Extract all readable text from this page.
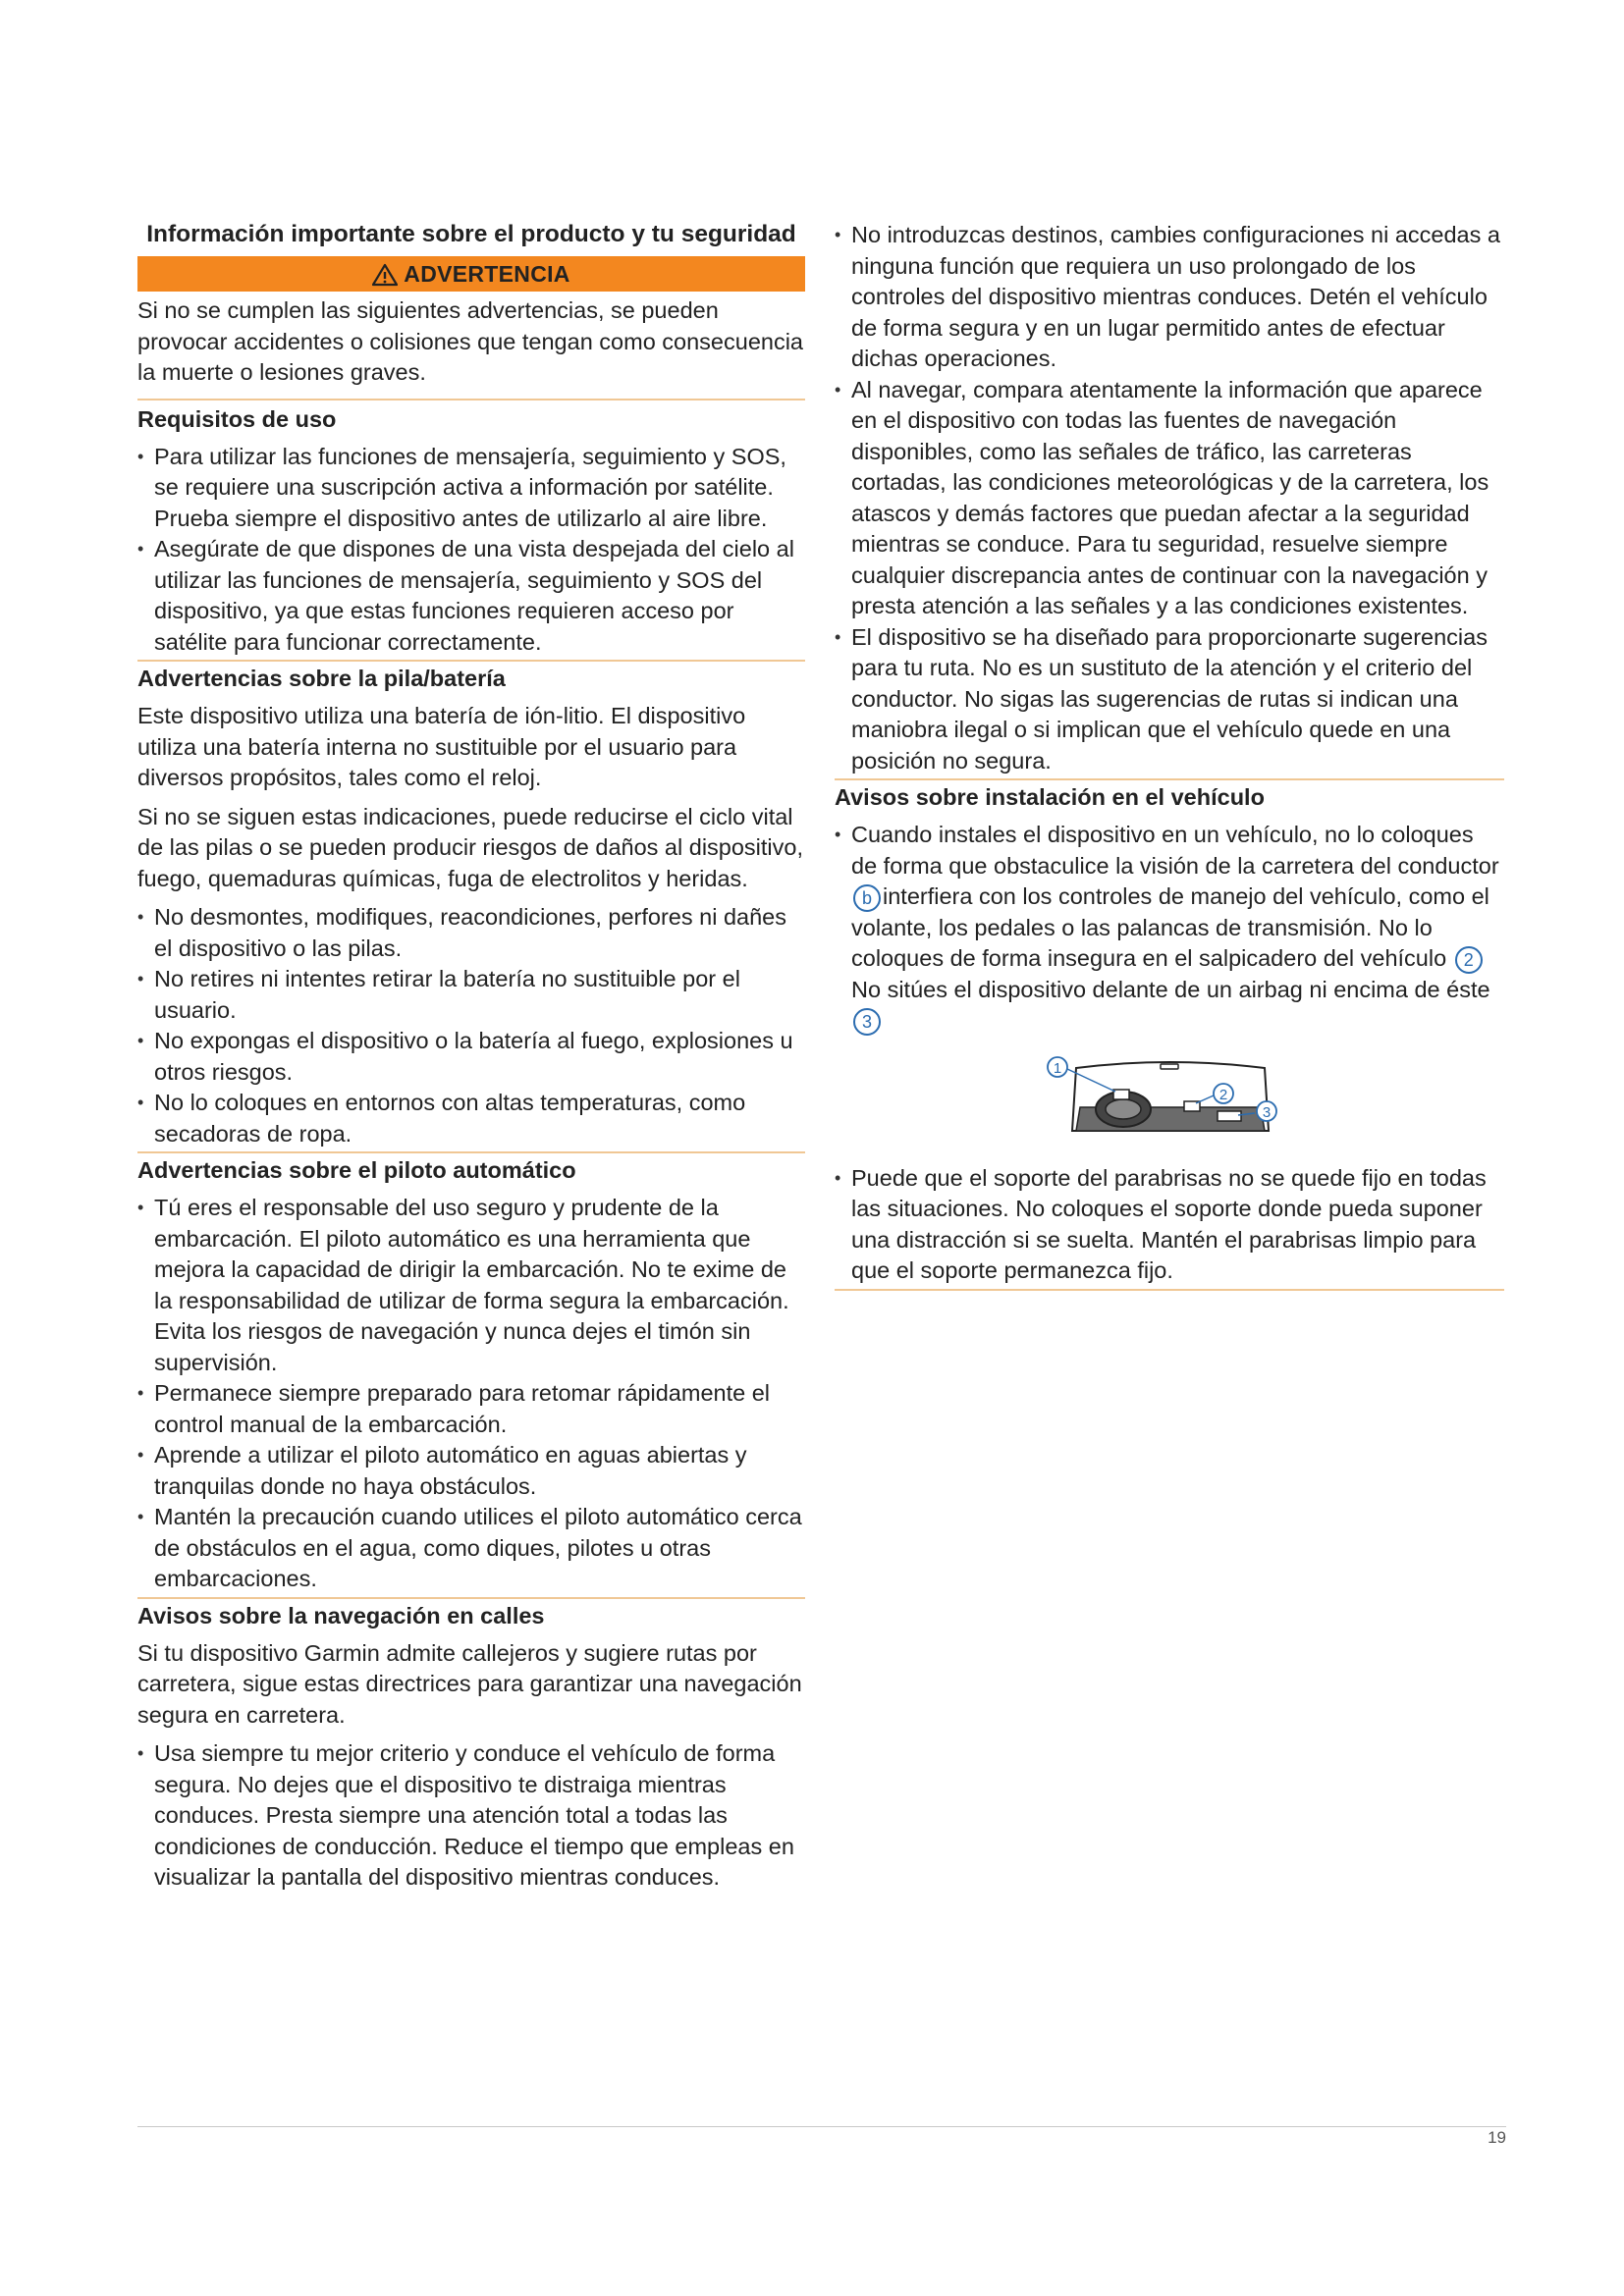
Información importante sobre el producto y tu seguridad
ADVERTENCIA

Si no se cumplen las siguientes advertencias, se pueden provocar accidentes o colisiones que tengan como consecuencia la muerte o lesiones graves.

Requisitos de uso
• Para utilizar las funciones de mensajería, seguimiento y SOS, se requiere una suscripción activa a información por satélite. Prueba siempre el dispositivo antes de utilizarlo al aire libre.
• Asegúrate de que dispones de una vista despejada del cielo al utilizar las funciones de mensajería, seguimiento y SOS del dispositivo, ya que estas funciones requieren acceso por satélite para funcionar correctamente.
Advertencias sobre la pila/batería

Este dispositivo utiliza una batería de ión-litio. El dispositivo utiliza una batería interna no sustituible por el usuario para diversos propósitos, tales como el reloj.

Si no se siguen estas indicaciones, puede reducirse el ciclo vital de las pilas o se pueden producir riesgos de daños al dispositivo, fuego, quemaduras químicas, fuga de electrolitos y heridas.

• No desmontes, modifiques, reacondiciones, perfores ni dañes el dispositivo o las pilas.
• No retires ni intentes retirar la batería no sustituible por el usuario.
• No expongas el dispositivo o la batería al fuego, explosiones u otros riesgos.
• No lo coloques en entornos con altas temperaturas, como secadoras de ropa.
Advertencias sobre el piloto automático
• Tú eres el responsable del uso seguro y prudente de la embarcación. El piloto automático es una herramienta que mejora la capacidad de dirigir la embarcación. No te exime de la responsabilidad de utilizar de forma segura la embarcación. Evita los riesgos de navegación y nunca dejes el timón sin supervisión.
• Permanece siempre preparado para retomar rápidamente el control manual de la embarcación.
• Aprende a utilizar el piloto automático en aguas abiertas y tranquilas donde no haya obstáculos.
• Mantén la precaución cuando utilices el piloto automático cerca de obstáculos en el agua, como diques, pilotes u otras embarcaciones.
Avisos sobre la navegación en calles

Si tu dispositivo Garmin admite callejeros y sugiere rutas por carretera, sigue estas directrices para garantizar una navegación segura en carretera.

• Usa siempre tu mejor criterio y conduce el vehículo de forma segura. No dejes que el dispositivo te distraiga mientras conduces. Presta siempre una atención total a todas las condiciones de conducción. Reduce el tiempo que empleas en visualizar la pantalla del dispositivo mientras conduces.
• No introduzcas destinos, cambies configuraciones ni accedas a ninguna función que requiera un uso prolongado de los controles del dispositivo mientras conduces. Detén el vehículo de forma segura y en un lugar permitido antes de efectuar dichas operaciones.
• Al navegar, compara atentamente la información que aparece en el dispositivo con todas las fuentes de navegación disponibles, como las señales de tráfico, las carreteras cortadas, las condiciones meteorológicas y de la carretera, los atascos y demás factores que puedan afectar a la seguridad mientras se conduce. Para tu seguridad, resuelve siempre cualquier discrepancia antes de continuar con la navegación y presta atención a las señales y a las condiciones existentes.
• El dispositivo se ha diseñado para proporcionarte sugerencias para tu ruta. No es un sustituto de la atención y el criterio del conductor. No sigas las sugerencias de rutas si indican una maniobra ilegal o si implican que el vehículo quede en una posición no segura.
Avisos sobre instalación en el vehículo
• Cuando instales el dispositivo en un vehículo, no lo coloques de forma que obstaculice la visión de la carretera del conductor b interfiera con los controles de manejo del vehículo, como el volante, los pedales o las palancas de transmisión. No lo coloques de forma insegura en el salpicadero del vehículo 2No sitúes el dispositivo delante de un airbag ni encima de éste 3
1
2
3
• Puede que el soporte del parabrisas no se quede fijo en todas las situaciones. No coloques el soporte donde pueda suponer una distracción si se suelta. Mantén el parabrisas limpio para que el soporte permanezca fijo.
19
